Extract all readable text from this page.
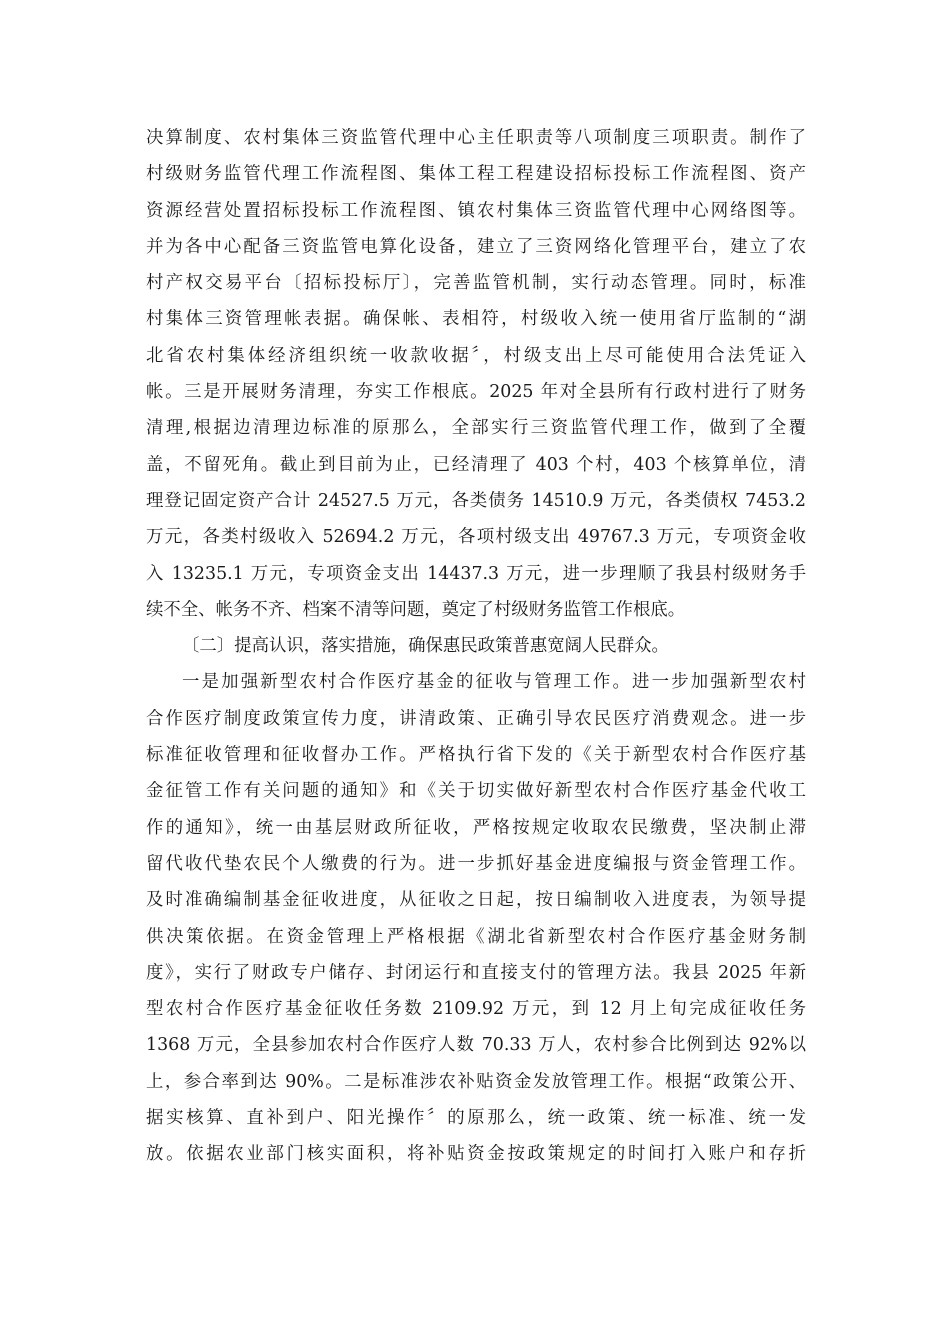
决算制度、农村集体三资监管代理中心主任职责等八项制度三项职责。制作了
村级财务监管代理工作流程图、集体工程工程建设招标投标工作流程图、资产
资源经营处置招标投标工作流程图、镇农村集体三资监管代理中心网络图等。
并为各中心配备三资监管电算化设备，建立了三资网络化管理平台，建立了农
村产权交易平台〔招标投标厅〕，完善监管机制，实行动态管理。同时，标准
村集体三资管理帐表据。确保帐、表相符，村级收入统一使用省厅监制的“湖
北省农村集体经济组织统一收款收据〞，村级支出上尽可能使用合法凭证入
帐。三是开展财务清理，夯实工作根底。2025 年对全县所有行政村进行了财务
清理,根据边清理边标准的原那么，全部实行三资监管代理工作，做到了全覆
盖，不留死角。截止到目前为止，已经清理了 403 个村，403 个核算单位，清
理登记固定资产合计 24527.5 万元，各类债务 14510.9 万元，各类债权 7453.2
万元，各类村级收入 52694.2 万元，各项村级支出 49767.3 万元，专项资金收
入 13235.1 万元，专项资金支出 14437.3 万元，进一步理顺了我县村级财务手
续不全、帐务不齐、档案不清等问题，奠定了村级财务监管工作根底。
〔二〕提高认识，落实措施，确保惠民政策普惠宽阔人民群众。
一是加强新型农村合作医疗基金的征收与管理工作。进一步加强新型农村
合作医疗制度政策宣传力度，讲清政策、正确引导农民医疗消费观念。进一步
标准征收管理和征收督办工作。严格执行省下发的《关于新型农村合作医疗基
金征管工作有关问题的通知》和《关于切实做好新型农村合作医疗基金代收工
作的通知》，统一由基层财政所征收，严格按规定收取农民缴费，坚决制止滞
留代收代垫农民个人缴费的行为。进一步抓好基金进度编报与资金管理工作。
及时准确编制基金征收进度，从征收之日起，按日编制收入进度表，为领导提
供决策依据。在资金管理上严格根据《湖北省新型农村合作医疗基金财务制
度》，实行了财政专户储存、封闭运行和直接支付的管理方法。我县 2025 年新
型农村合作医疗基金征收任务数 2109.92 万元，到 12 月上旬完成征收任务
1368 万元，全县参加农村合作医疗人数 70.33 万人，农村参合比例到达 92%以
上，参合率到达 90%。二是标准涉农补贴资金发放管理工作。根据“政策公开、
据实核算、直补到户、阳光操作〞的原那么，统一政策、统一标准、统一发
放。依据农业部门核实面积，将补贴资金按政策规定的时间打入账户和存折
